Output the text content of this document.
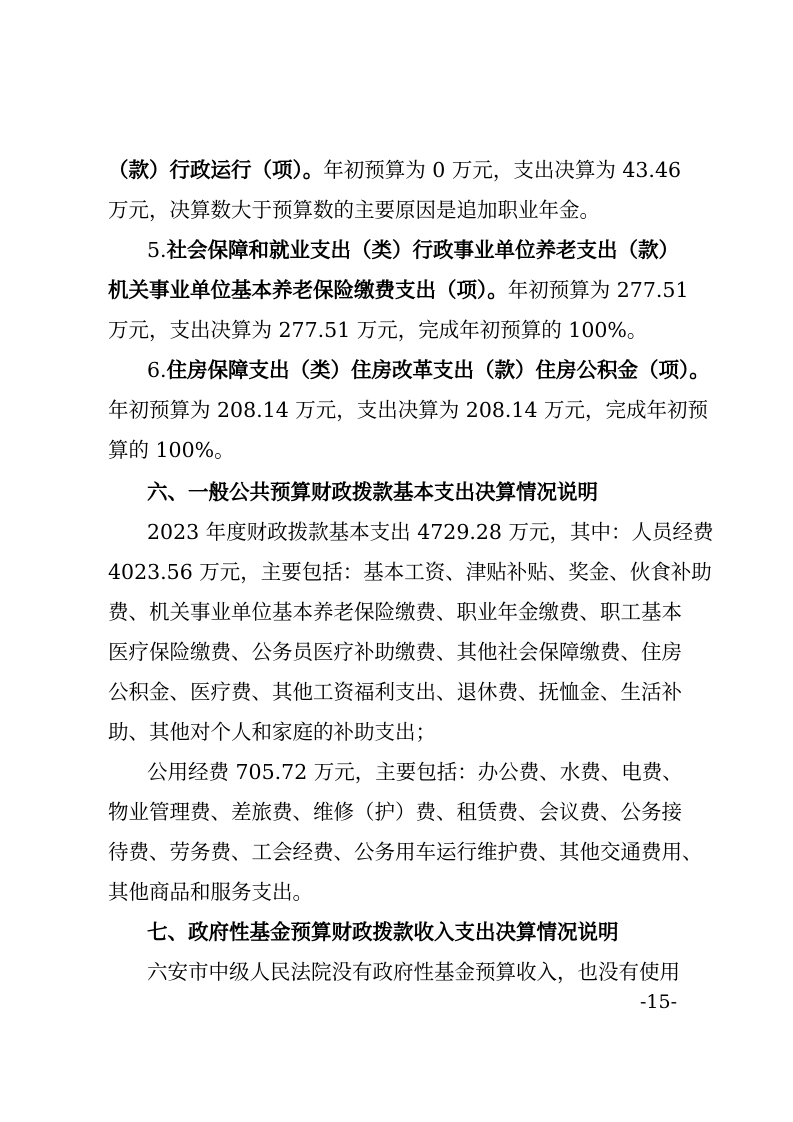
（款）行政运行（项）。年初预算为 0 万元，支出决算为 43.46
万元，决算数大于预算数的主要原因是追加职业年金。
5.社会保障和就业支出（类）行政事业单位养老支出（款）
机关事业单位基本养老保险缴费支出（项）。年初预算为 277.51
万元，支出决算为 277.51 万元，完成年初预算的 100%。
6.住房保障支出（类）住房改革支出（款）住房公积金（项）。
年初预算为 208.14 万元，支出决算为 208.14 万元，完成年初预
算的 100%。
六、一般公共预算财政拨款基本支出决算情况说明
2023 年度财政拨款基本支出 4729.28 万元，其中：人员经费
4023.56 万元，主要包括：基本工资、津贴补贴、奖金、伙食补助
费、机关事业单位基本养老保险缴费、职业年金缴费、职工基本
医疗保险缴费、公务员医疗补助缴费、其他社会保障缴费、住房
公积金、医疗费、其他工资福利支出、退休费、抚恤金、生活补
助、其他对个人和家庭的补助支出；
公用经费 705.72 万元，主要包括：办公费、水费、电费、
物业管理费、差旅费、维修（护）费、租赁费、会议费、公务接
待费、劳务费、工会经费、公务用车运行维护费、其他交通费用、
其他商品和服务支出。
七、政府性基金预算财政拨款收入支出决算情况说明
六安市中级人民法院没有政府性基金预算收入，也没有使用
-15-
